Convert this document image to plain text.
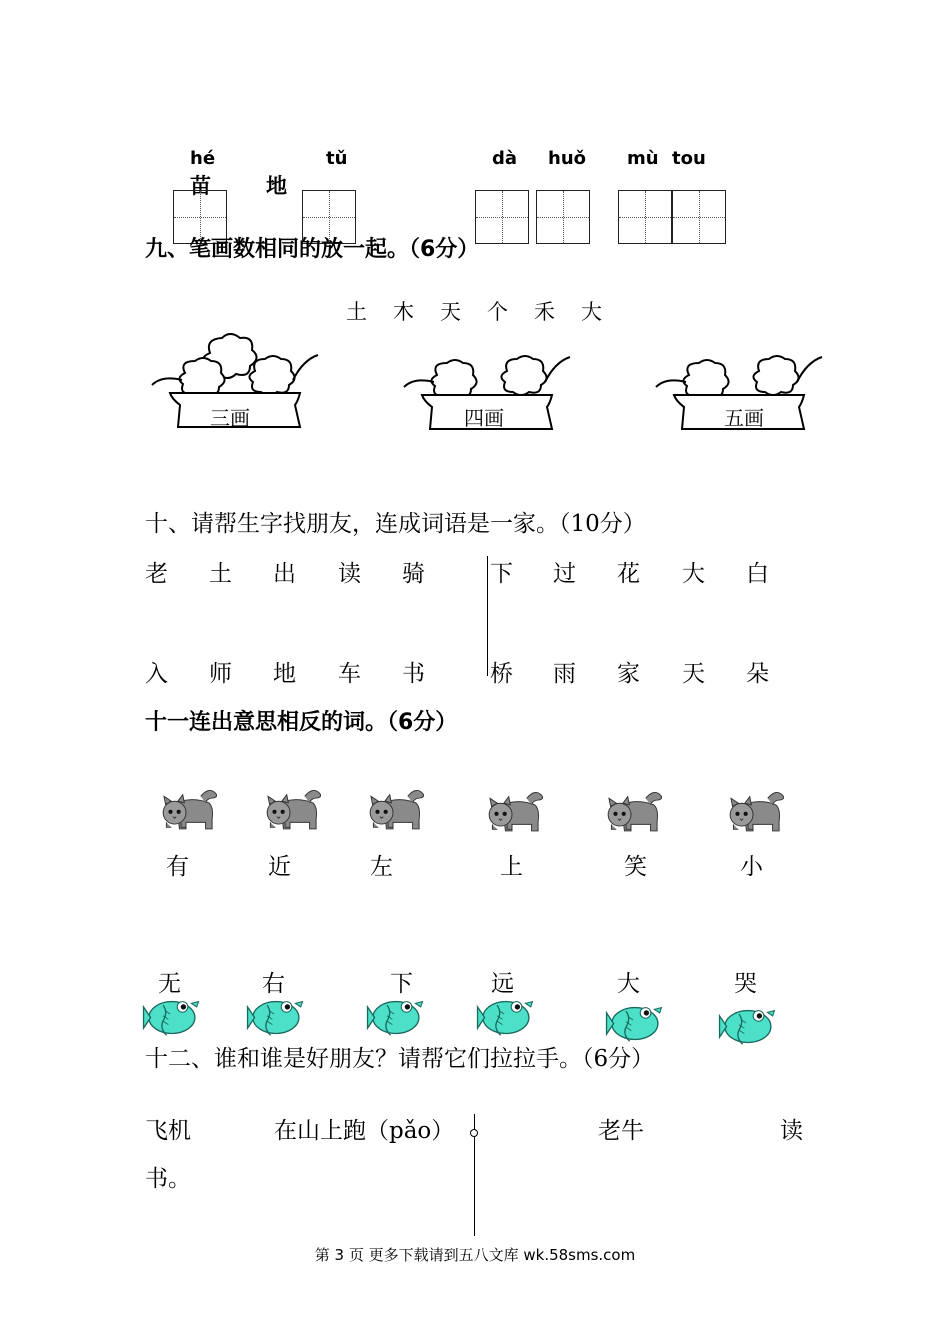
hé	tǔ	dà huǒ mù tou
苗	地
九、笔画数相同的放一起。（6分）
土 木 天 个 禾 大
三画	四画	五画
十、请帮生字找朋友，连成词语是一家。（10分）
老 土 出 读 骑	下 过 花 大 白
入 师 地 车 书	桥 雨 家 天 朵
十一连出意思相反的词。（6分）
有	近	左	上	笑	小
无	右	下	远	大	哭
十二、谁和谁是好朋友？请帮它们拉拉手。（6分）
飞机	在山上跑（pǎo）	老牛	读
书。
第 3 页 更多下载请到五八文库 wk.58sms.com
